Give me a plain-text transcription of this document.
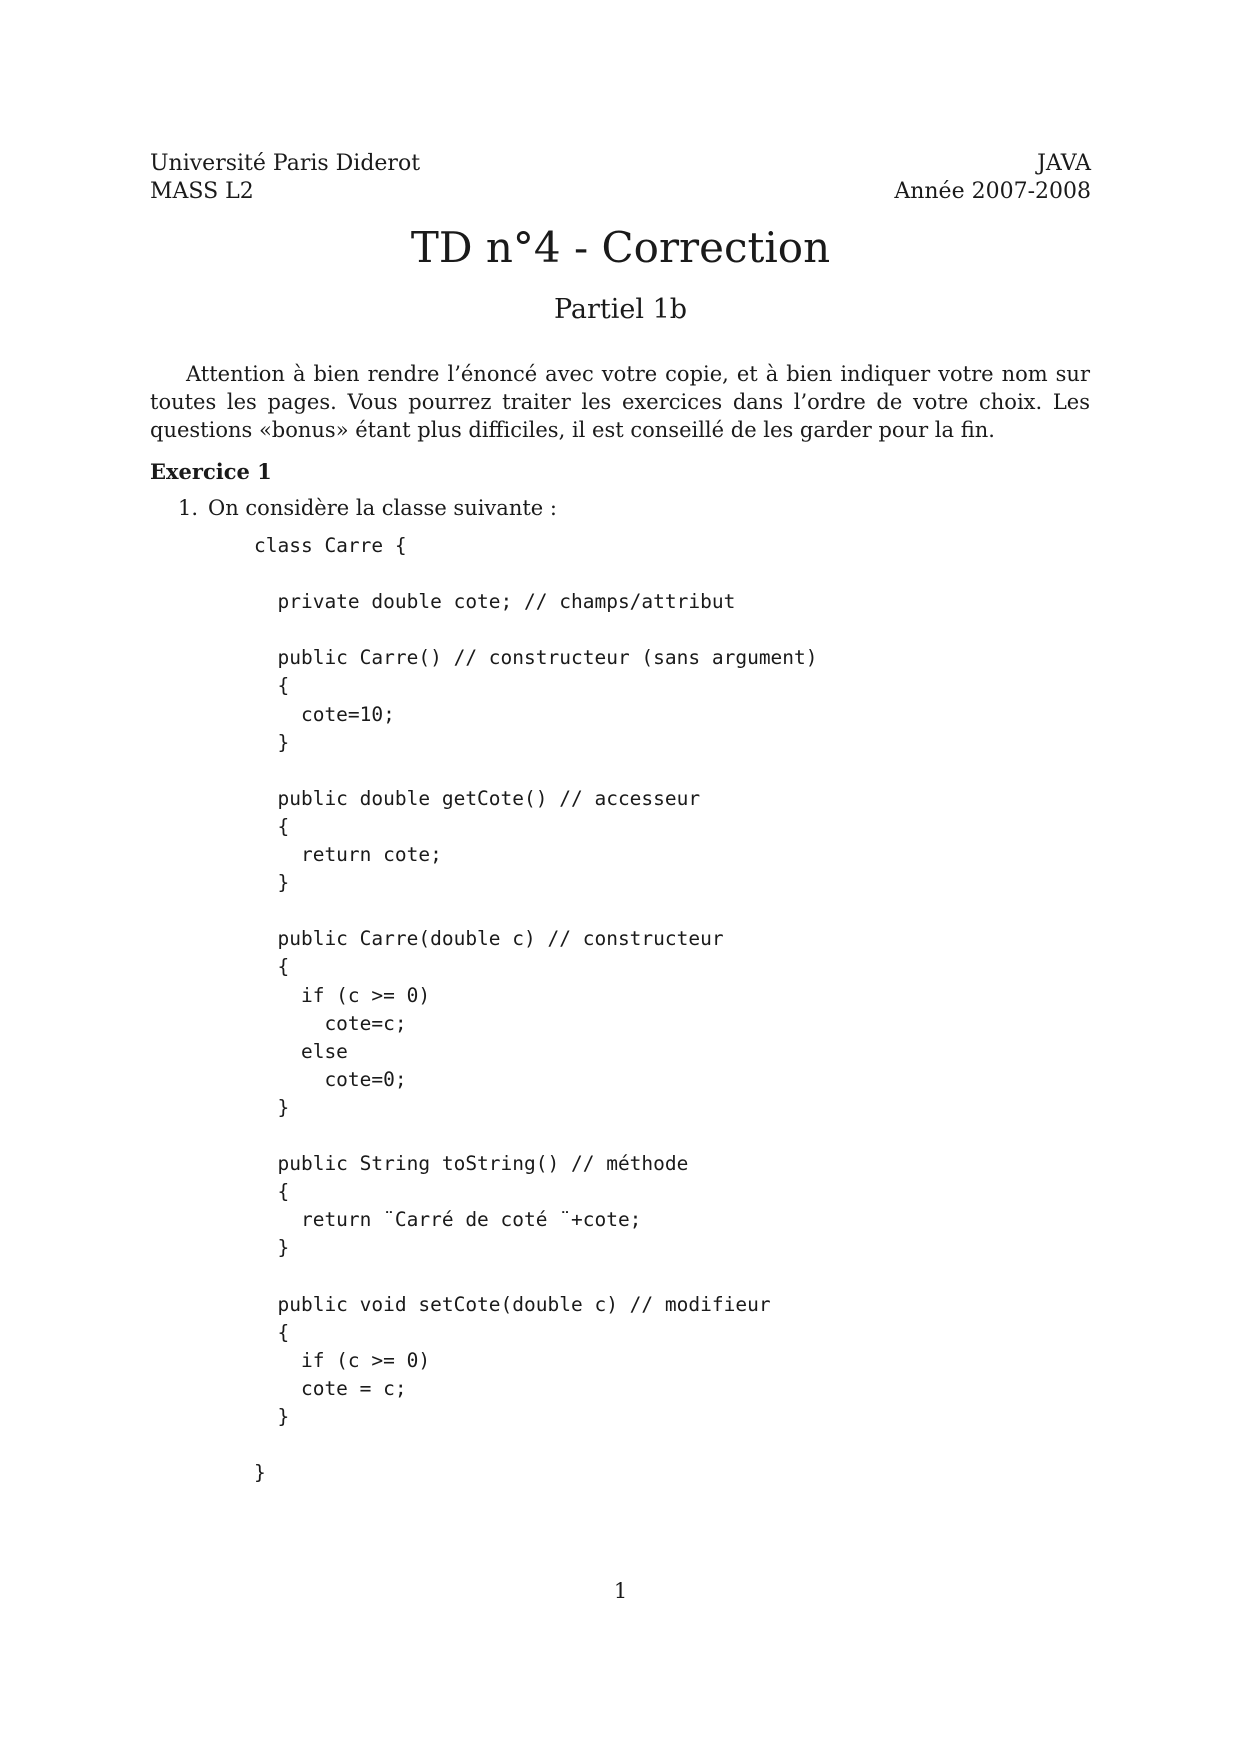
Université Paris Diderot
MASS L2
JAVA
Année 2007-2008
TD n°4 - Correction
Partiel 1b
Attention à bien rendre l’énoncé avec votre copie, et à bien indiquer votre nom sur toutes les pages. Vous pourrez traiter les exercices dans l’ordre de votre choix. Les questions «bonus» étant plus difficiles, il est conseillé de les garder pour la fin.
Exercice 1
1. On considère la classe suivante :
class Carre {
private double cote; // champs/attribut
public Carre() // constructeur (sans argument)
{
cote=10;
}
public double getCote() // accesseur
{
return cote;
}
public Carre(double c) // constructeur
{
if (c >= 0)
cote=c;
else
cote=0;
}
public String toString() // méthode
{
return ¨Carré de coté ¨+cote;
}
public void setCote(double c) // modifieur
{
if (c >= 0)
cote = c;
}
}
1
